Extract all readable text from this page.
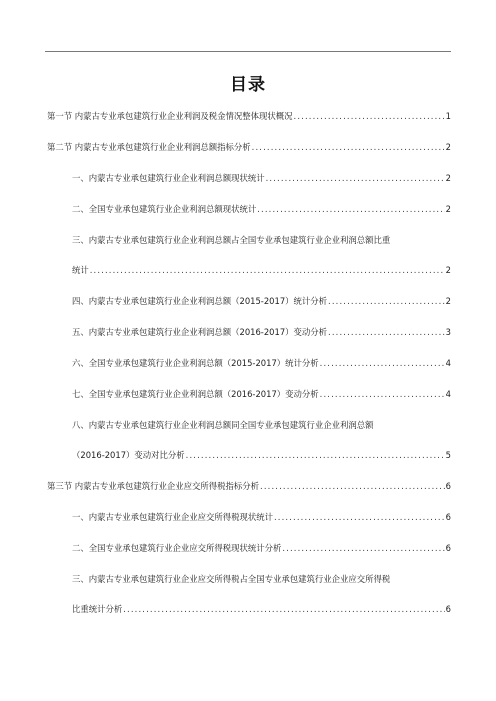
目录
第一节 内蒙古专业承包建筑行业企业利润及税金情况整体现状概况 .....	1
第二节 内蒙古专业承包建筑行业企业利润总额指标分析 .....	2
一、内蒙古专业承包建筑行业企业利润总额现状统计 .....	2
二、全国专业承包建筑行业企业利润总额现状统计 .....	2
三、内蒙古专业承包建筑行业企业利润总额占全国专业承包建筑行业企业利润总额比重
统计 .....	2
四、内蒙古专业承包建筑行业企业利润总额（2015-2017）统计分析 .....	2
五、内蒙古专业承包建筑行业企业利润总额（2016-2017）变动分析 .....	3
六、全国专业承包建筑行业企业利润总额（2015-2017）统计分析 .....	4
七、全国专业承包建筑行业企业利润总额（2016-2017）变动分析 .....	4
八、内蒙古专业承包建筑行业企业利润总额同全国专业承包建筑行业企业利润总额
（2016-2017）变动对比分析 .....	5
第三节 内蒙古专业承包建筑行业企业应交所得税指标分析 .....	6
一、内蒙古专业承包建筑行业企业应交所得税现状统计 .....	6
二、全国专业承包建筑行业企业应交所得税现状统计分析 .....	6
三、内蒙古专业承包建筑行业企业应交所得税占全国专业承包建筑行业企业应交所得税
比重统计分析 .....	6
